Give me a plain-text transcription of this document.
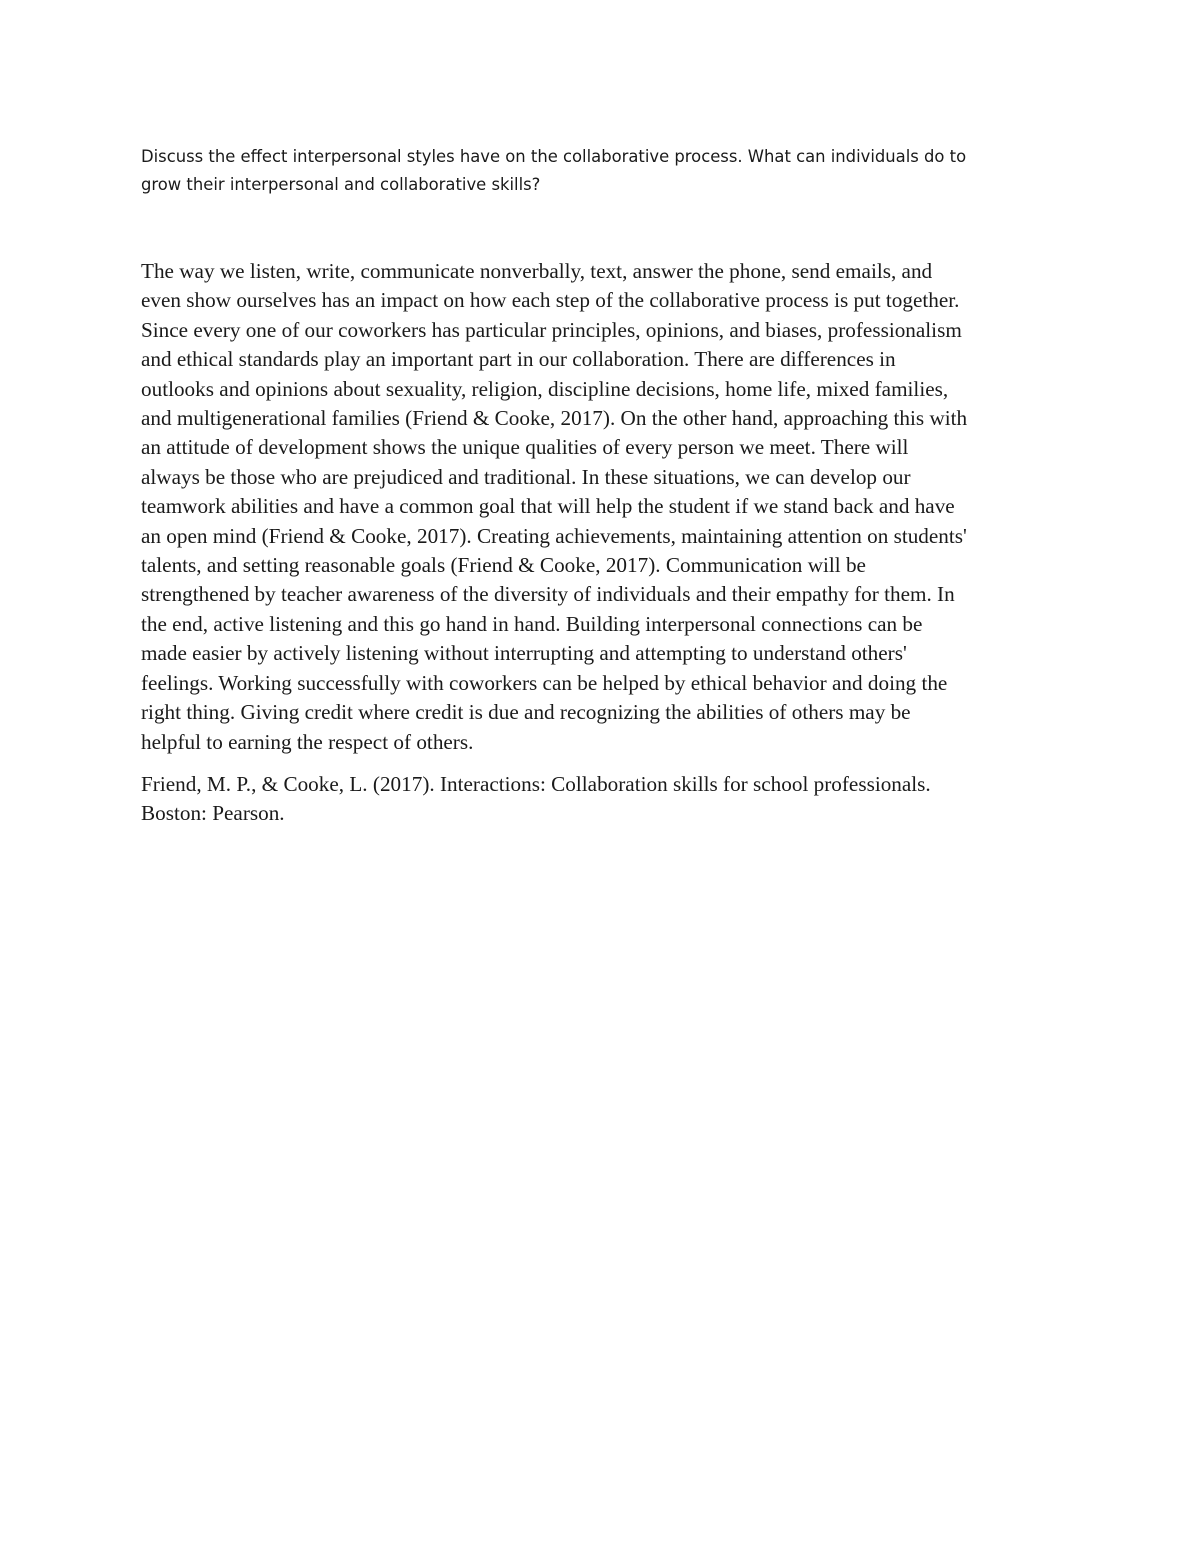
Discuss the effect interpersonal styles have on the collaborative process. What can individuals do to
grow their interpersonal and collaborative skills?

The way we listen, write, communicate nonverbally, text, answer the phone, send emails, and
even show ourselves has an impact on how each step of the collaborative process is put together.
Since every one of our coworkers has particular principles, opinions, and biases, professionalism
and ethical standards play an important part in our collaboration. There are differences in
outlooks and opinions about sexuality, religion, discipline decisions, home life, mixed families,
and multigenerational families (Friend & Cooke, 2017). On the other hand, approaching this with
an attitude of development shows the unique qualities of every person we meet. There will
always be those who are prejudiced and traditional. In these situations, we can develop our
teamwork abilities and have a common goal that will help the student if we stand back and have
an open mind (Friend & Cooke, 2017). Creating achievements, maintaining attention on students'
talents, and setting reasonable goals (Friend & Cooke, 2017). Communication will be
strengthened by teacher awareness of the diversity of individuals and their empathy for them. In
the end, active listening and this go hand in hand. Building interpersonal connections can be
made easier by actively listening without interrupting and attempting to understand others'
feelings. Working successfully with coworkers can be helped by ethical behavior and doing the
right thing. Giving credit where credit is due and recognizing the abilities of others may be
helpful to earning the respect of others.

Friend, M. P., & Cooke, L. (2017). Interactions: Collaboration skills for school professionals.
Boston: Pearson.
